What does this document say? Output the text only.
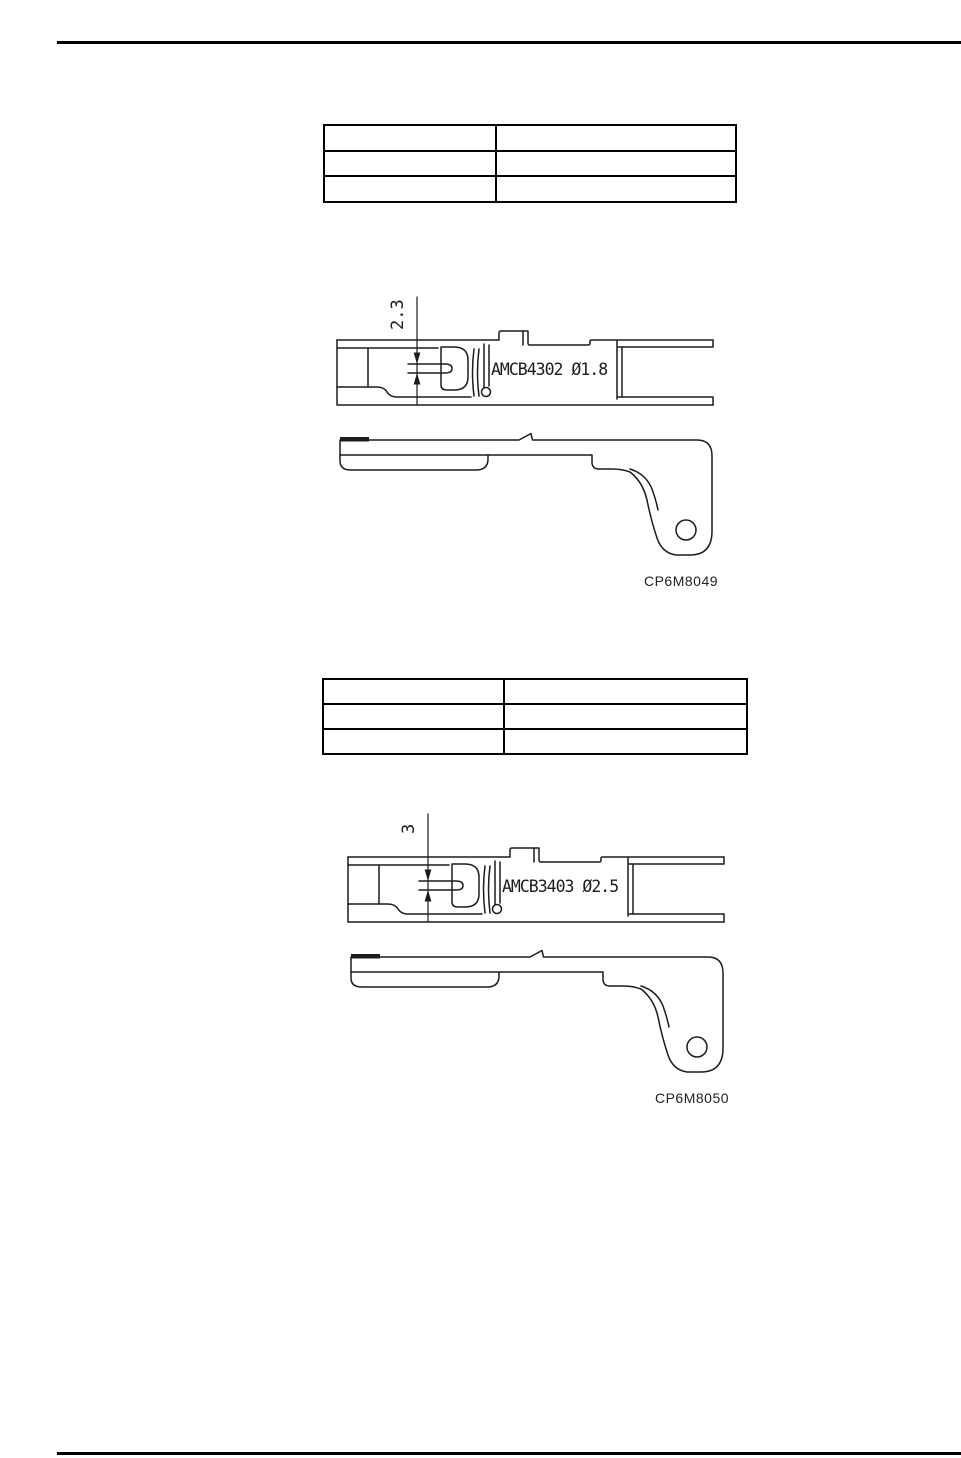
AMCB4302 Ø1.8
2.3
CP6M8049
AMCB3403 Ø2.5
3
CP6M8050
